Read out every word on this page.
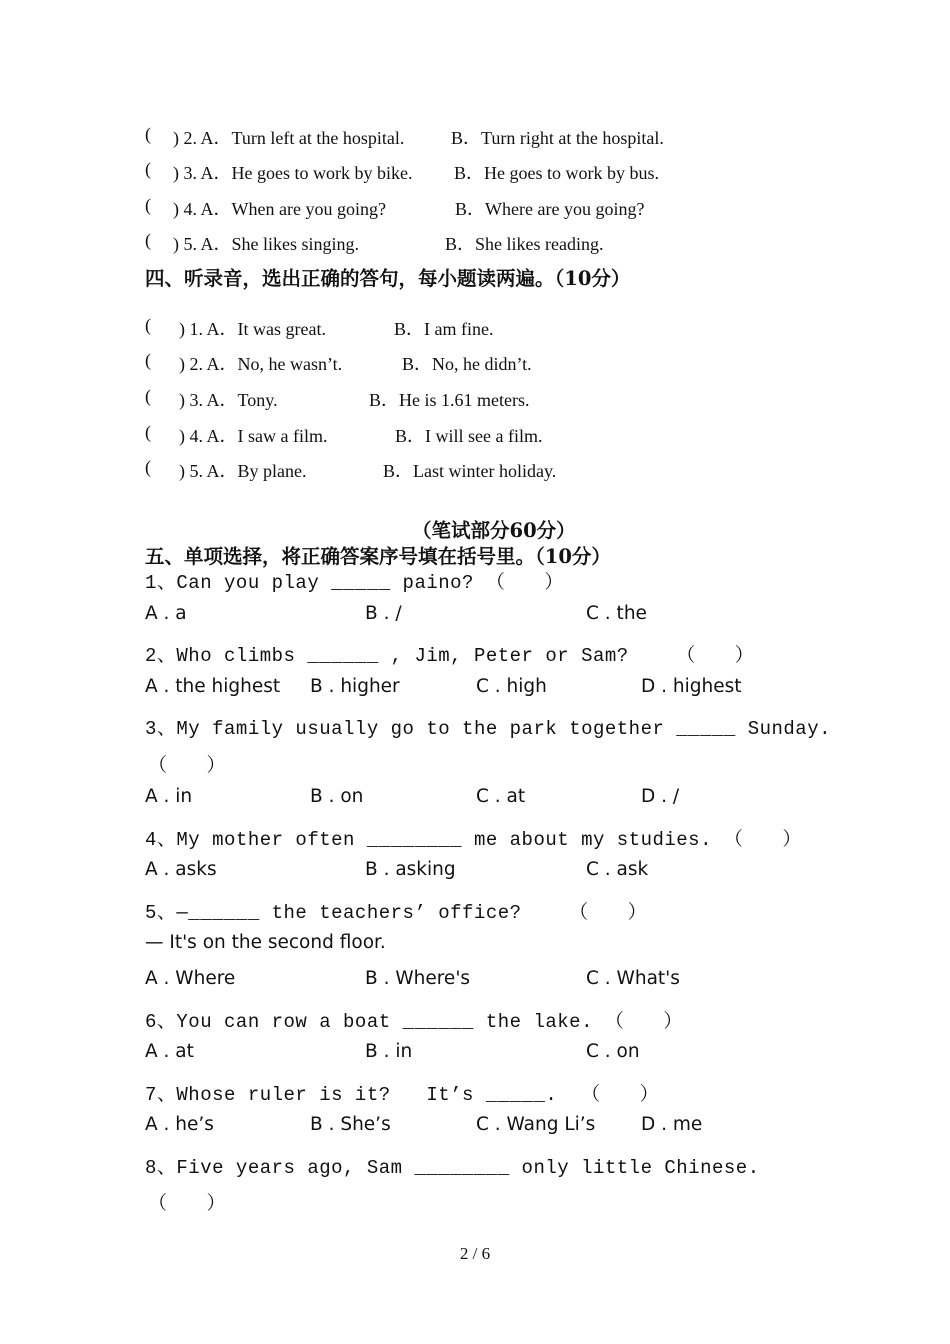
( ) 2. A．Turn left at the hospital.	B．Turn right at the hospital.
( ) 3. A．He goes to work by bike. B．He goes to work by bus.
( ) 4. A．When are you going?	B．Where are you going?
( ) 5. A．She likes singing.	B．She likes reading.
四、听录音，选出正确的答句，每小题读两遍。（10分）
( ) 1. A．It was great.	B．I am fine.
( ) 2. A．No, he wasn’t.	B．No, he didn’t.
( ) 3. A．Tony.	B．He is 1.61 meters.
( ) 4. A．I saw a film.	B．I will see a film.
( ) 5. A．By plane.	B．Last winter holiday.
（笔试部分60分）
五、单项选择，将正确答案序号填在括号里。（10分）
1、Can you play _____ paino? （　　）
A . a	B . /	C . the
2、Who climbs ______ , Jim, Peter or Sam?    （　　）
A . the highest B . higher	C . high	D . highest
3、My family usually go to the park together _____ Sunday.
（　　）
A . in	B . on	C . at	D . /
4、My mother often ________ me about my studies. （　　）
A . asks	B . asking	C . ask
5、—______ the teachers’ office?    （　　）
— It's on the second floor.
A . Where	B . Where's	C . What's
6、You can row a boat ______ the lake. （　　）
A . at	B . in	C . on
7、Whose ruler is it?   It’s _____.  （　　）
A . he’s	B . She’s	C . Wang Li’s D . me
8、Five years ago, Sam ________ only little Chinese.
（　　）
2 / 6
